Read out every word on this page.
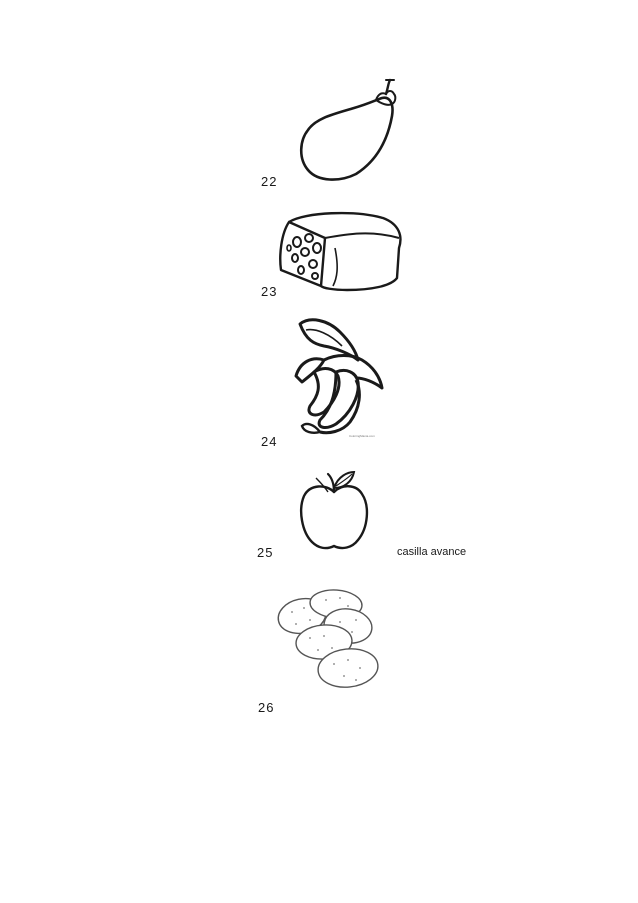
22
23
ColoringMania.com
24
25	casilla avance
26
